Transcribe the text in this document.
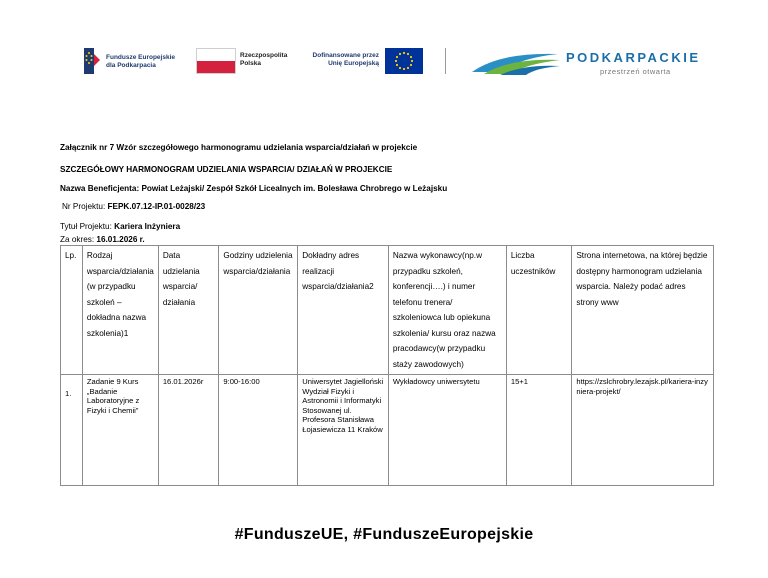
Fundusze Europejskie
dla Podkarpacia
Rzeczpospolita
Polska
Dofinansowane przez
Unię Europejską	PODKARPACKIE
przestrzeń otwarta
Załącznik nr 7 Wzór szczegółowego harmonogramu udzielania wsparcia/działań w projekcie
SZCZEGÓŁOWY HARMONOGRAM UDZIELANIA WSPARCIA/ DZIAŁAŃ W PROJEKCIE
Nazwa Beneficjenta: Powiat Leżajski/ Zespół Szkół Licealnych im. Bolesława Chrobrego w Leżajsku
Nr Projektu: FEPK.07.12-IP.01-0028/23
Tytuł Projektu: Kariera Inżyniera
Za okres: 16.01.2026 r.
Lp.	Rodzaj wsparcia/działania (w przypadku szkoleń – dokładna nazwa szkolenia)1	Data udzielania wsparcia/ działania	Godziny udzielenia wsparcia/działania	Dokładny adres realizacji wsparcia/działania2	Nazwa wykonawcy(np.w przypadku szkoleń, konferencji….) i numer telefonu trenera/ szkoleniowca lub opiekuna szkolenia/ kursu oraz nazwa pracodawcy(w przypadku staży zawodowych)	Liczba uczestników	Strona internetowa, na której będzie dostępny harmonogram udzielania wsparcia. Należy podać adres strony www
1.	Zadanie 9 Kurs „Badanie Laboratoryjne z Fizyki i Chemii”	16.01.2026r	9:00-16:00	Uniwersytet Jagielloński Wydział Fizyki i Astronomii i Informatyki Stosowanej ul. Profesora Stanisława Łojasiewicza 11 Kraków	Wykładowcy uniwersytetu	15+1	https://zslchrobry.lezajsk.pl/kariera-inzyniera-projekt/
#FunduszeUE, #FunduszeEuropejskie
